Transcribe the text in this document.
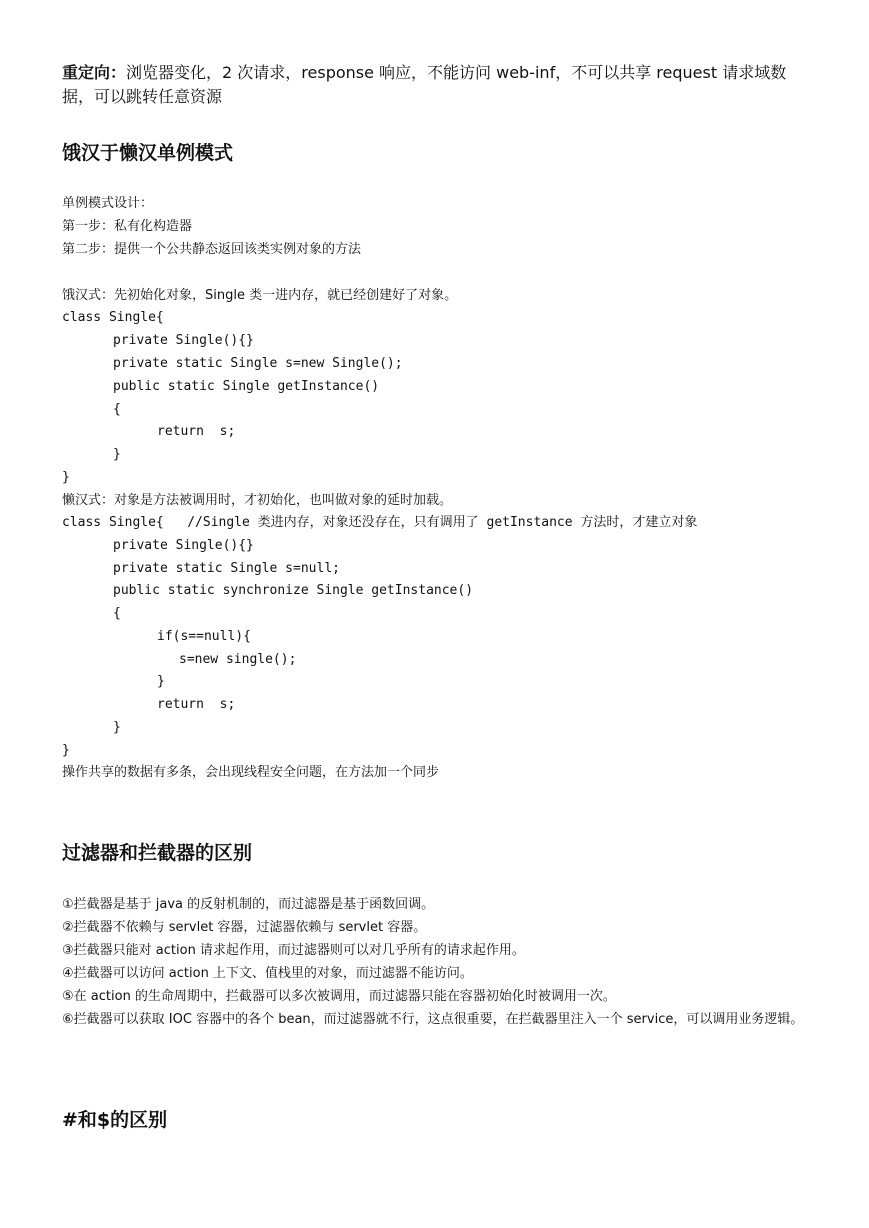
重定向：浏览器变化，2 次请求，response 响应，不能访问 web-inf，不可以共享 request 请求域数据，可以跳转任意资源
饿汉于懒汉单例模式
单例模式设计：
第一步：私有化构造器
第二步：提供一个公共静态返回该类实例对象的方法
饿汉式：先初始化对象，Single 类一进内存，就已经创建好了对象。
class Single{
private Single(){}
private static Single s=new Single();
public static Single getInstance()
{
return  s;
}
}
懒汉式：对象是方法被调用时，才初始化，也叫做对象的延时加载。
class Single{   //Single 类进内存，对象还没存在，只有调用了 getInstance 方法时，才建立对象
private Single(){}
private static Single s=null;
public static synchronize Single getInstance()
{
if(s==null){
s=new single();
}
return  s;
}
}
操作共享的数据有多条，会出现线程安全问题，在方法加一个同步
过滤器和拦截器的区别
①拦截器是基于 java 的反射机制的，而过滤器是基于函数回调。
②拦截器不依赖与 servlet 容器，过滤器依赖与 servlet 容器。
③拦截器只能对 action 请求起作用，而过滤器则可以对几乎所有的请求起作用。
④拦截器可以访问 action 上下文、值栈里的对象，而过滤器不能访问。
⑤在 action 的生命周期中，拦截器可以多次被调用，而过滤器只能在容器初始化时被调用一次。
⑥拦截器可以获取 IOC 容器中的各个 bean，而过滤器就不行，这点很重要，在拦截器里注入一个 service，可以调用业务逻辑。
#和$的区别
